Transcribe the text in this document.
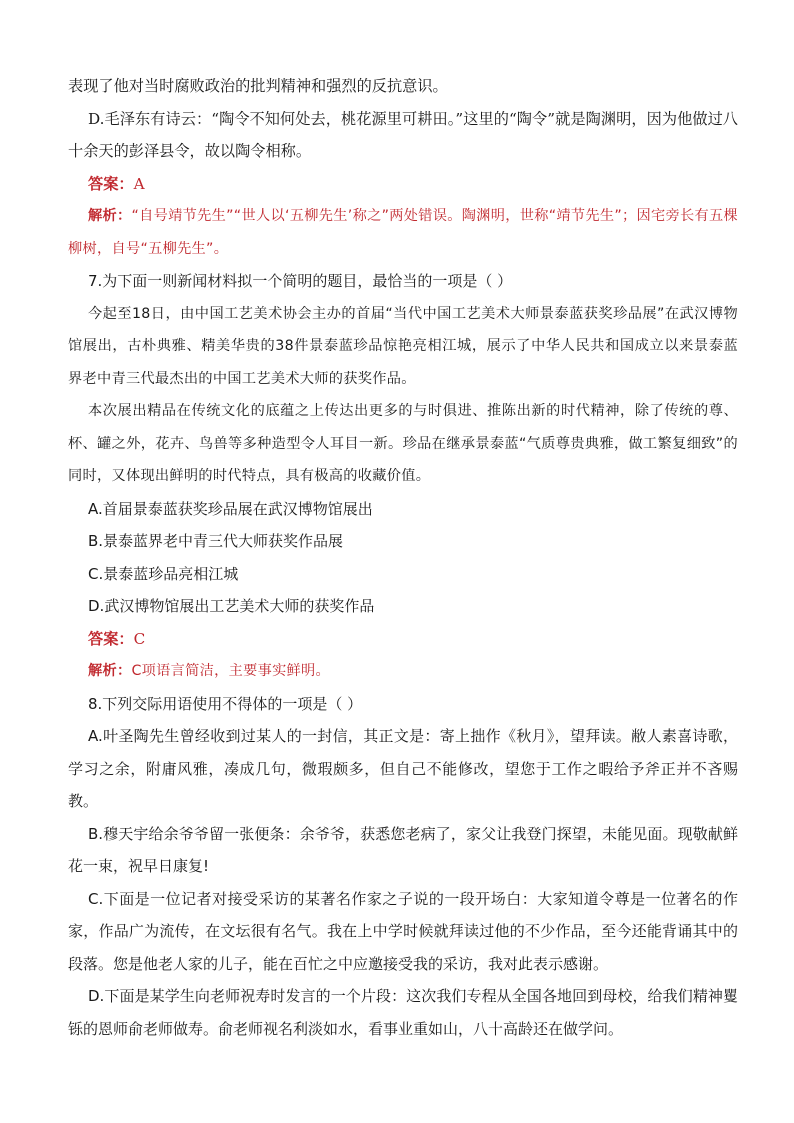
表现了他对当时腐败政治的批判精神和强烈的反抗意识。

D.毛泽东有诗云：“陶令不知何处去，桃花源里可耕田。”这里的“陶令”就是陶渊明，因为他做过八十余天的彭泽县令，故以陶令相称。

答案：A

解析：“自号靖节先生”“世人以‘五柳先生’称之”两处错误。陶渊明，世称“靖节先生”；因宅旁长有五棵柳树，自号“五柳先生”。

7.为下面一则新闻材料拟一个简明的题目，最恰当的一项是（ ）

今起至18日，由中国工艺美术协会主办的首届“当代中国工艺美术大师景泰蓝获奖珍品展”在武汉博物馆展出，古朴典雅、精美华贵的38件景泰蓝珍品惊艳亮相江城，展示了中华人民共和国成立以来景泰蓝界老中青三代最杰出的中国工艺美术大师的获奖作品。

本次展出精品在传统文化的底蕴之上传达出更多的与时俱进、推陈出新的时代精神，除了传统的尊、杯、罐之外，花卉、鸟兽等多种造型令人耳目一新。珍品在继承景泰蓝“气质尊贵典雅，做工繁复细致”的同时，又体现出鲜明的时代特点，具有极高的收藏价值。

A.首届景泰蓝获奖珍品展在武汉博物馆展出

B.景泰蓝界老中青三代大师获奖作品展

C.景泰蓝珍品亮相江城

D.武汉博物馆展出工艺美术大师的获奖作品

答案：C

解析：C项语言简洁，主要事实鲜明。

8.下列交际用语使用不得体的一项是（ ）

A.叶圣陶先生曾经收到过某人的一封信，其正文是：寄上拙作《秋月》，望拜读。敝人素喜诗歌，学习之余，附庸风雅，凑成几句，微瑕颇多，但自己不能修改，望您于工作之暇给予斧正并不吝赐教。

B.穆天宇给余爷爷留一张便条：余爷爷，获悉您老病了，家父让我登门探望，未能见面。现敬献鲜花一束，祝早日康复!

C.下面是一位记者对接受采访的某著名作家之子说的一段开场白：大家知道令尊是一位著名的作家，作品广为流传，在文坛很有名气。我在上中学时候就拜读过他的不少作品，至今还能背诵其中的段落。您是他老人家的儿子，能在百忙之中应邀接受我的采访，我对此表示感谢。

D.下面是某学生向老师祝寿时发言的一个片段：这次我们专程从全国各地回到母校，给我们精神矍铄的恩师俞老师做寿。俞老师视名利淡如水，看事业重如山，八十高龄还在做学问。
